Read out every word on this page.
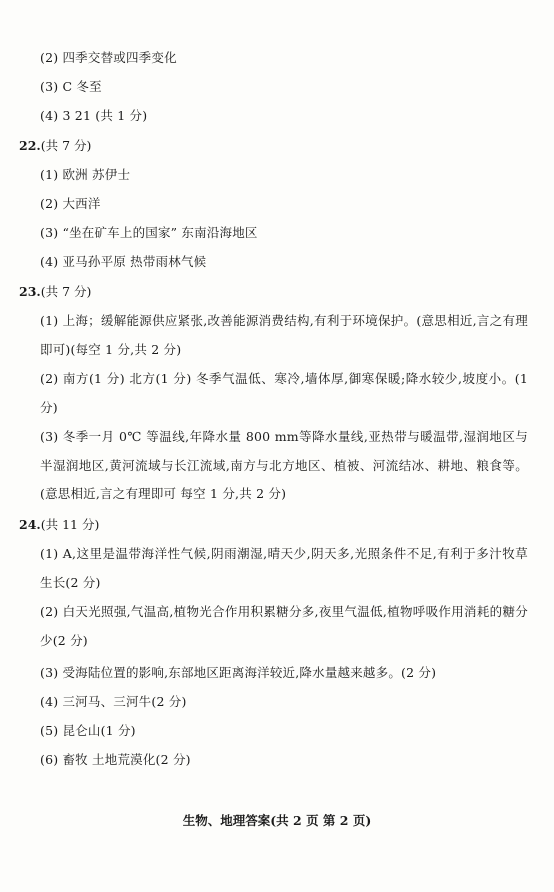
(2) 四季交替或四季变化
(3) C 冬至
(4) 3 21 (共 1 分)
22.(共 7 分)
(1) 欧洲 苏伊士
(2) 大西洋
(3) “坐在矿车上的国家” 东南沿海地区
(4) 亚马孙平原 热带雨林气候
23.(共 7 分)
(1) 上海；缓解能源供应紧张,改善能源消费结构,有利于环境保护。(意思相近,言之有理即可)(每空 1 分,共 2 分)
(2) 南方(1 分) 北方(1 分) 冬季气温低、寒冷,墙体厚,御寒保暖;降水较少,坡度小。(1 分)
(3) 冬季一月 0℃ 等温线,年降水量 800 mm等降水量线,亚热带与暖温带,湿润地区与半湿润地区,黄河流域与长江流域,南方与北方地区、植被、河流结冰、耕地、粮食等。(意思相近,言之有理即可 每空 1 分,共 2 分)
24.(共 11 分)
(1) A,这里是温带海洋性气候,阴雨潮湿,晴天少,阴天多,光照条件不足,有利于多汁牧草生长(2 分)
(2) 白天光照强,气温高,植物光合作用积累糖分多,夜里气温低,植物呼吸作用消耗的糖分少(2 分)
(3) 受海陆位置的影响,东部地区距离海洋较近,降水量越来越多。(2 分)
(4) 三河马、三河牛(2 分)
(5) 昆仑山(1 分)
(6) 畜牧 土地荒漠化(2 分)
生物、地理答案(共 2 页 第 2 页)
